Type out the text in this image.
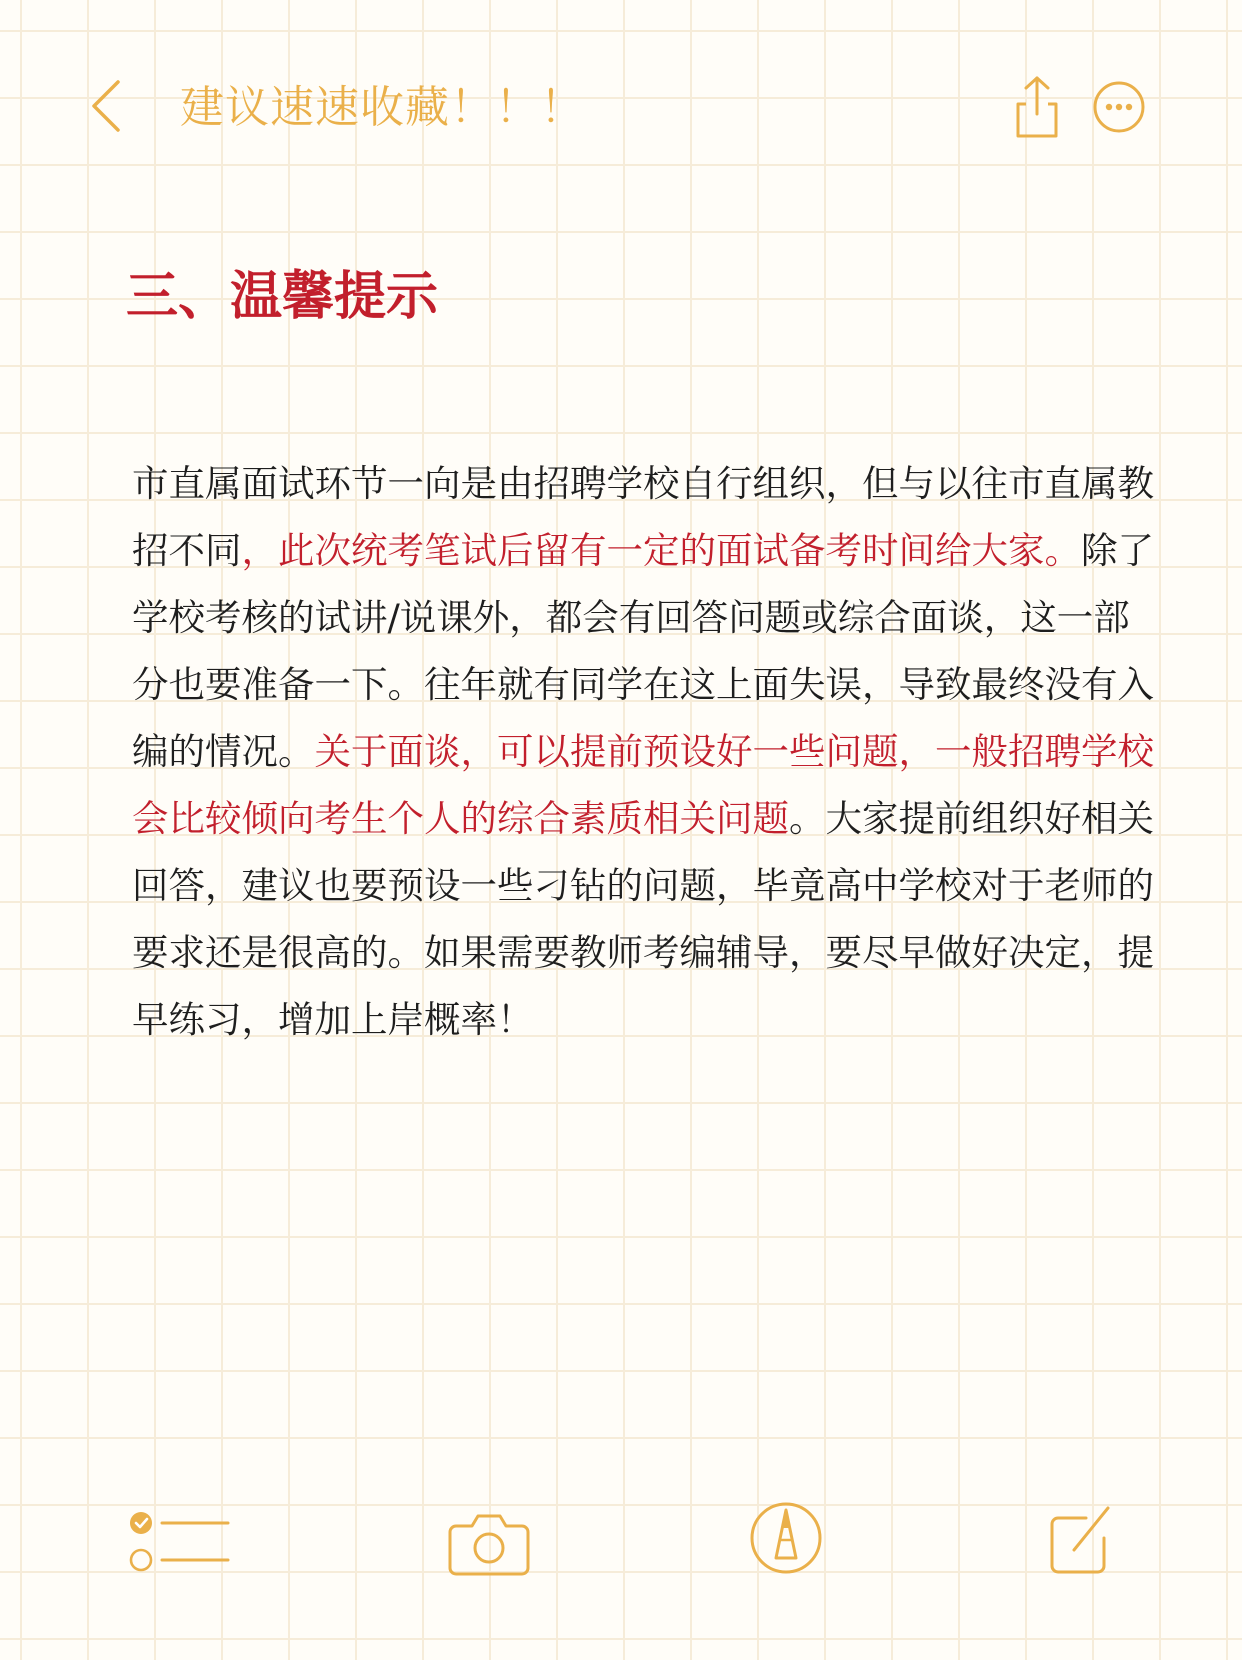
建议速速收藏！！！
三、温馨提示

市直属面试环节一向是由招聘学校自行组织，但与以往市直属教招不同，此次统考笔试后留有一定的面试备考时间给大家。除了学校考核的试讲/说课外，都会有回答问题或综合面谈，这一部分也要准备一下。往年就有同学在这上面失误，导致最终没有入编的情况。关于面谈，可以提前预设好一些问题，一般招聘学校会比较倾向考生个人的综合素质相关问题。大家提前组织好相关回答，建议也要预设一些刁钻的问题，毕竟高中学校对于老师的要求还是很高的。如果需要教师考编辅导，要尽早做好决定，提早练习，增加上岸概率！
